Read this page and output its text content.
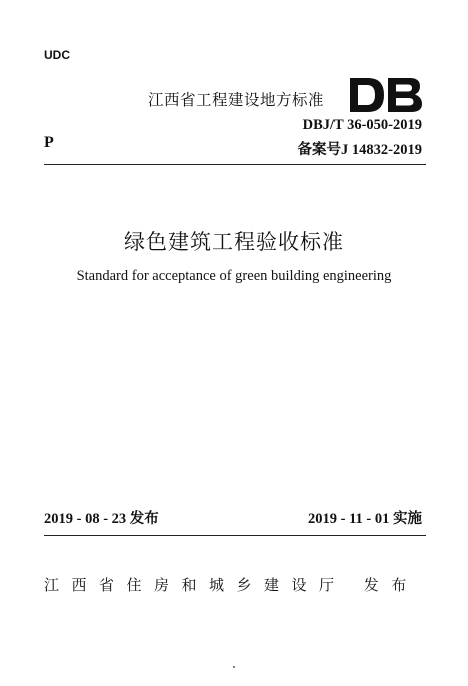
UDC
江西省工程建设地方标准	DB
DBJ/T 36-050-2019
P	备案号J 14832-2019
绿色建筑工程验收标准
Standard for acceptance of green building engineering
2019 - 08 - 23 发布	2019 - 11 - 01 实施
江西省住房和城乡建设厅 发布
